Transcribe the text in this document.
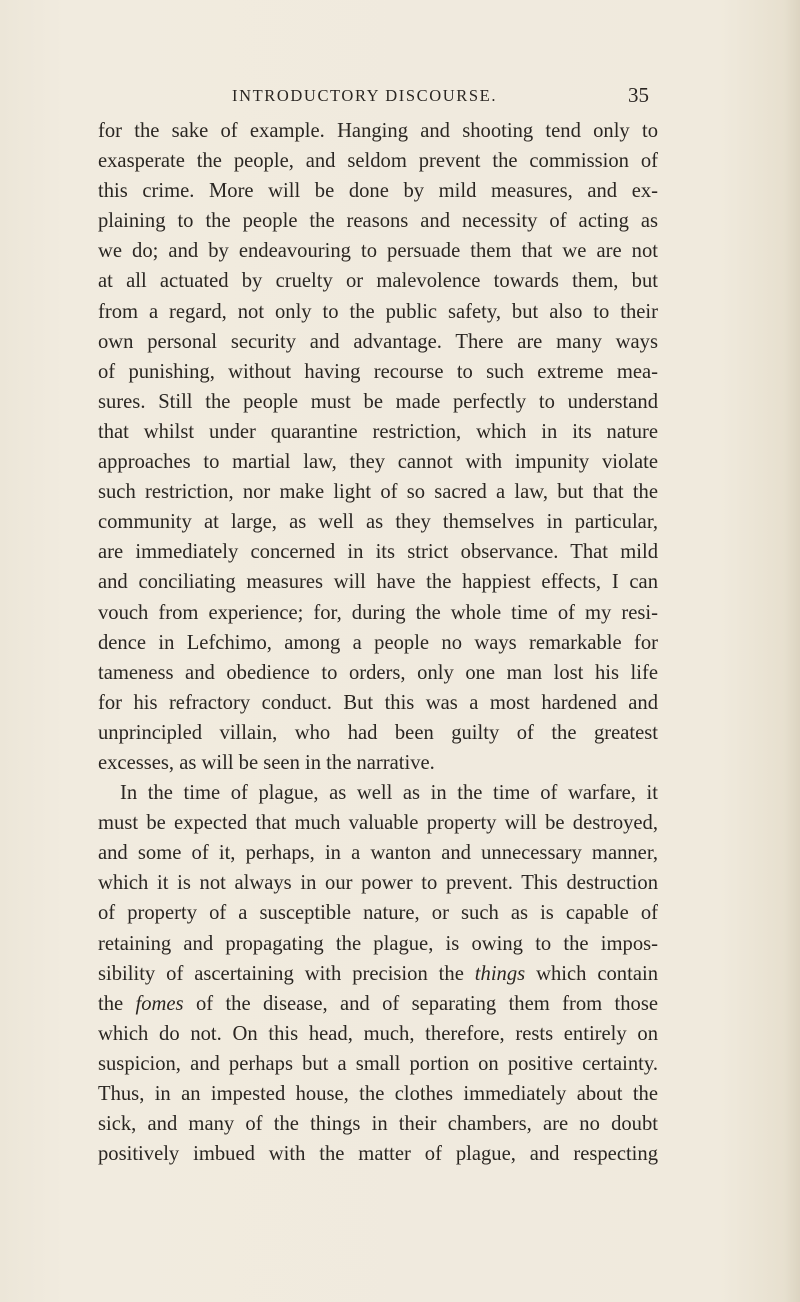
INTRODUCTORY DISCOURSE.	35
for the sake of example. Hanging and shooting tend only to
exasperate the people, and seldom prevent the commission of
this crime. More will be done by mild measures, and ex-
plaining to the people the reasons and necessity of acting as
we do; and by endeavouring to persuade them that we are not
at all actuated by cruelty or malevolence towards them, but
from a regard, not only to the public safety, but also to their
own personal security and advantage. There are many ways
of punishing, without having recourse to such extreme mea-
sures. Still the people must be made perfectly to understand
that whilst under quarantine restriction, which in its nature
approaches to martial law, they cannot with impunity violate
such restriction, nor make light of so sacred a law, but that the
community at large, as well as they themselves in particular,
are immediately concerned in its strict observance. That mild
and conciliating measures will have the happiest effects, I can
vouch from experience; for, during the whole time of my resi-
dence in Lefchimo, among a people no ways remarkable for
tameness and obedience to orders, only one man lost his life
for his refractory conduct. But this was a most hardened and
unprincipled villain, who had been guilty of the greatest
excesses, as will be seen in the narrative.
In the time of plague, as well as in the time of warfare, it
must be expected that much valuable property will be destroyed,
and some of it, perhaps, in a wanton and unnecessary manner,
which it is not always in our power to prevent. This destruction
of property of a susceptible nature, or such as is capable of
retaining and propagating the plague, is owing to the impos-
sibility of ascertaining with precision the things which contain
the fomes of the disease, and of separating them from those
which do not. On this head, much, therefore, rests entirely on
suspicion, and perhaps but a small portion on positive certainty.
Thus, in an impested house, the clothes immediately about the
sick, and many of the things in their chambers, are no doubt
positively imbued with the matter of plague, and respecting
